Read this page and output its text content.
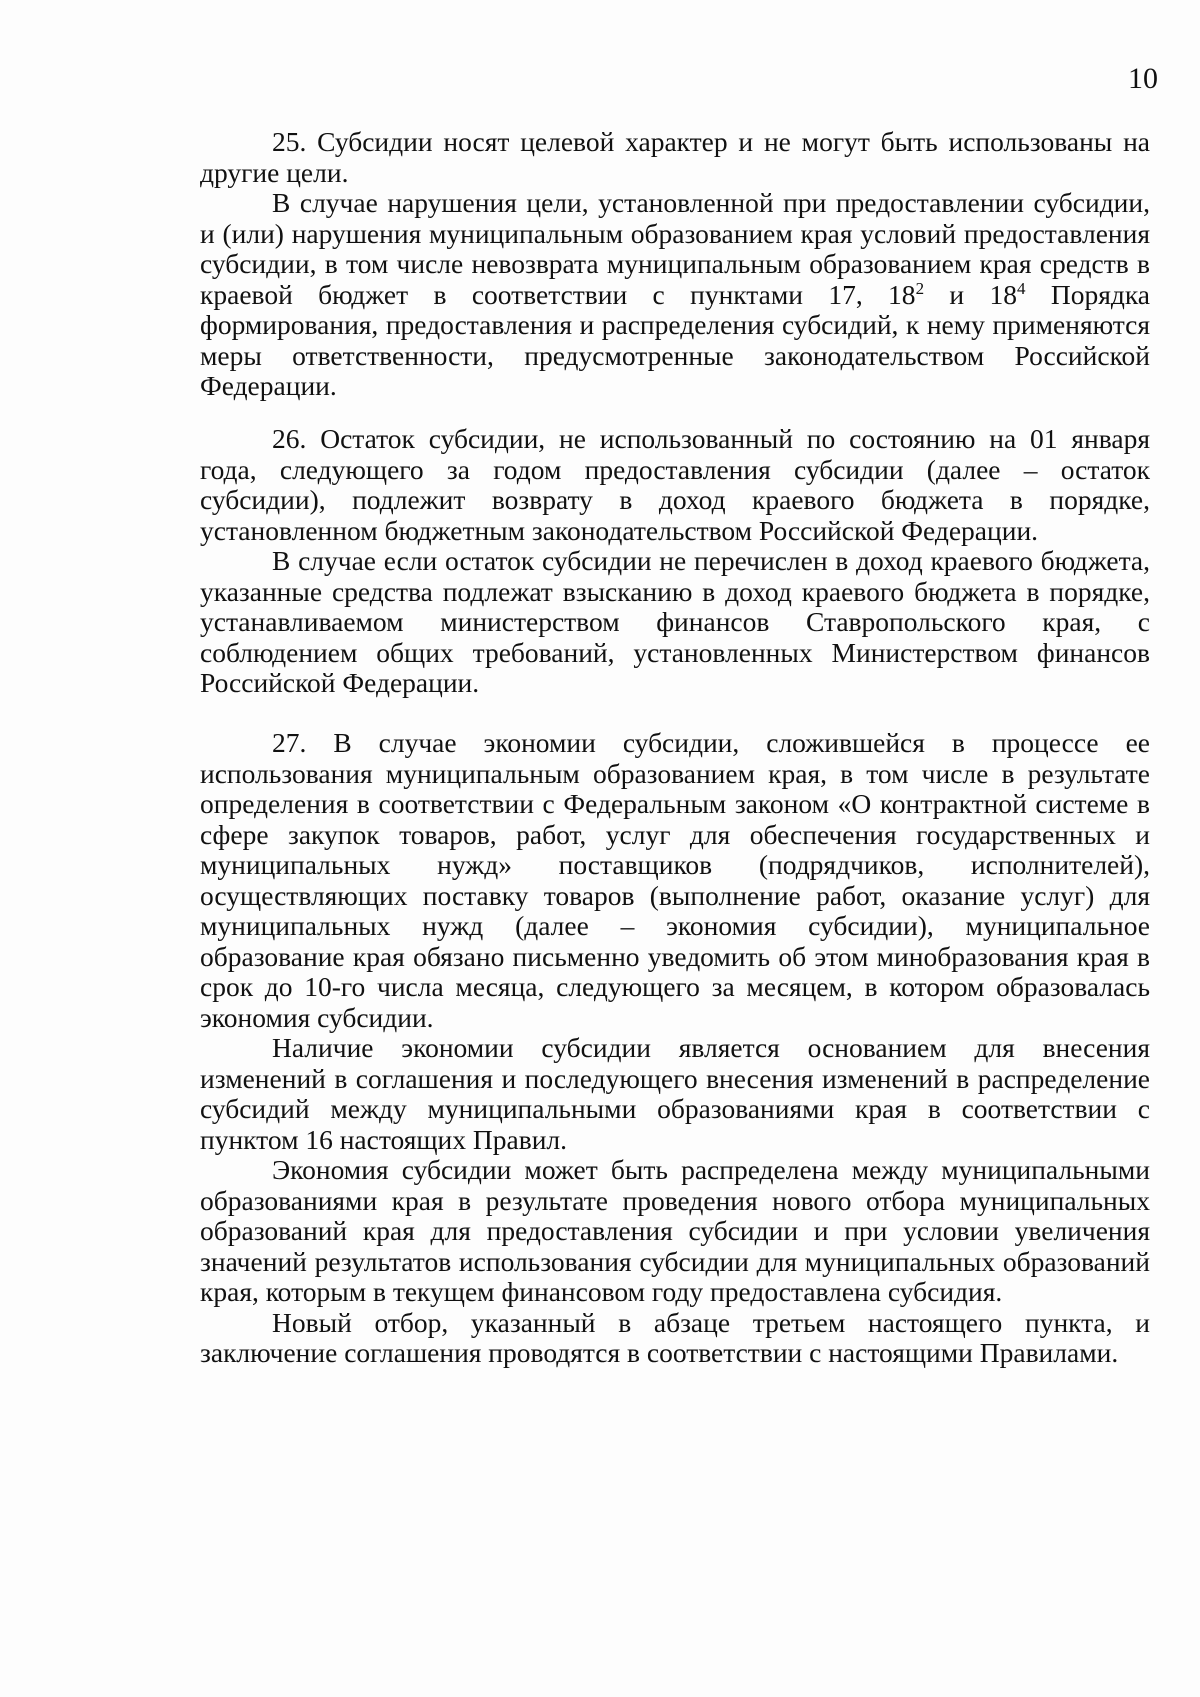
10

25. Субсидии носят целевой характер и не могут быть использованы на другие цели.

В случае нарушения цели, установленной при предоставлении субсидии, и (или) нарушения муниципальным образованием края условий предоставления субсидии, в том числе невозврата муниципальным образованием края средств в краевой бюджет в соответствии с пунктами 17, $18^2$ и $18^4$ Порядка формирования, предоставления и распределения субсидий, к нему применяются меры ответственности, предусмотренные законодательством Российской Федерации.

26. Остаток субсидии, не использованный по состоянию на 01 января года, следующего за годом предоставления субсидии (далее – остаток субсидии), подлежит возврату в доход краевого бюджета в порядке, установленном бюджетным законодательством Российской Федерации.

В случае если остаток субсидии не перечислен в доход краевого бюджета, указанные средства подлежат взысканию в доход краевого бюджета в порядке, устанавливаемом министерством финансов Ставропольского края, с соблюдением общих требований, установленных Министерством финансов Российской Федерации.

27. В случае экономии субсидии, сложившейся в процессе ее использования муниципальным образованием края, в том числе в результате определения в соответствии с Федеральным законом «О контрактной системе в сфере закупок товаров, работ, услуг для обеспечения государственных и муниципальных нужд» поставщиков (подрядчиков, исполнителей), осуществляющих поставку товаров (выполнение работ, оказание услуг) для муниципальных нужд (далее – экономия субсидии), муниципальное образование края обязано письменно уведомить об этом минобразования края в срок до 10-го числа месяца, следующего за месяцем, в котором образовалась экономия субсидии.

Наличие экономии субсидии является основанием для внесения изменений в соглашения и последующего внесения изменений в распределение субсидий между муниципальными образованиями края в соответствии с пунктом 16 настоящих Правил.

Экономия субсидии может быть распределена между муниципальными образованиями края в результате проведения нового отбора муниципальных образований края для предоставления субсидии и при условии увеличения значений результатов использования субсидии для муниципальных образований края, которым в текущем финансовом году предоставлена субсидия.

Новый отбор, указанный в абзаце третьем настоящего пункта, и заключение соглашения проводятся в соответствии с настоящими Правилами.
